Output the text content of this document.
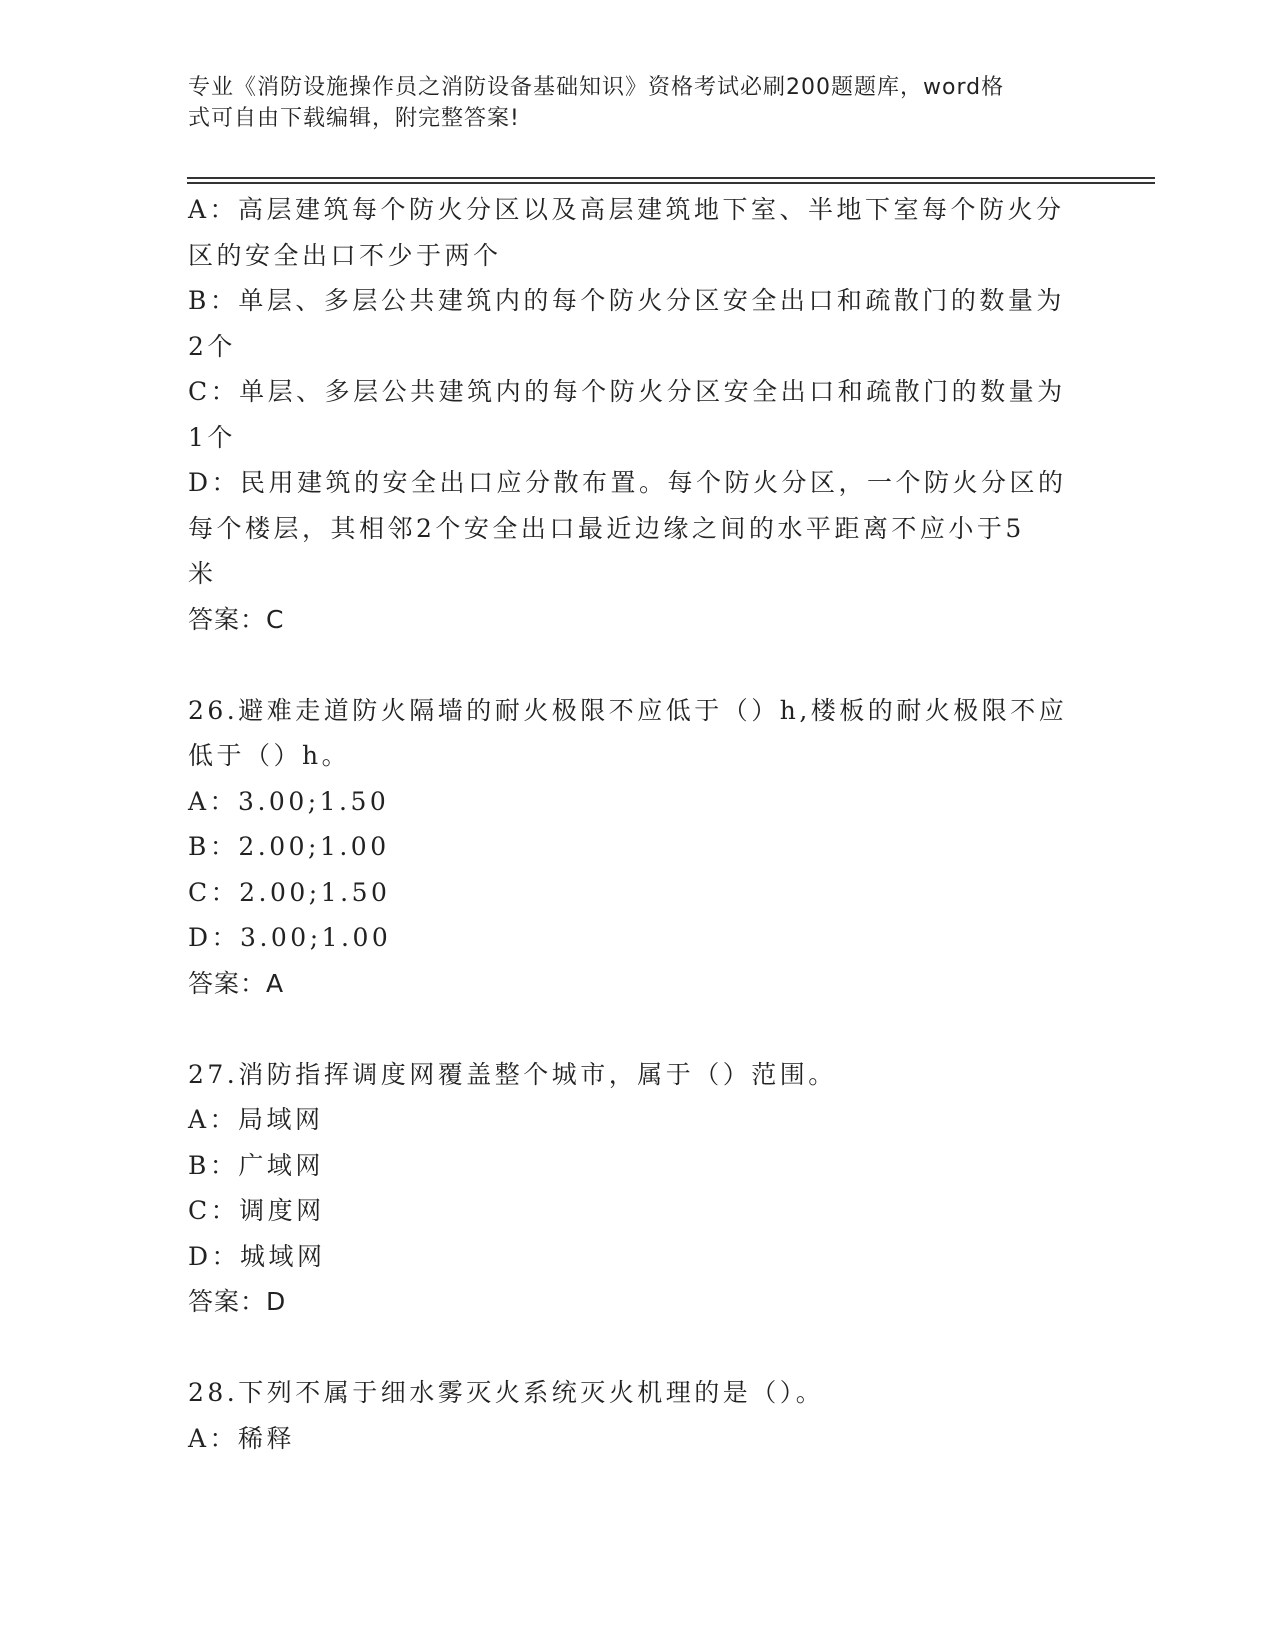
专业《消防设施操作员之消防设备基础知识》资格考试必刷200题题库，word格
式可自由下载编辑，附完整答案!
A：高层建筑每个防火分区以及高层建筑地下室、半地下室每个防火分
区的安全出口不少于两个
B：单层、多层公共建筑内的每个防火分区安全出口和疏散门的数量为
2个
C：单层、多层公共建筑内的每个防火分区安全出口和疏散门的数量为
1个
D：民用建筑的安全出口应分散布置。每个防火分区，一个防火分区的
每个楼层，其相邻2个安全出口最近边缘之间的水平距离不应小于5
米
答案：C
26.避难走道防火隔墙的耐火极限不应低于（）h,楼板的耐火极限不应
低于（）h。
A：3.00;1.50
B：2.00;1.00
C：2.00;1.50
D：3.00;1.00
答案：A
27.消防指挥调度网覆盖整个城市，属于（）范围。
A：局域网
B：广域网
C：调度网
D：城域网
答案：D
28.下列不属于细水雾灭火系统灭火机理的是（）。
A：稀释
